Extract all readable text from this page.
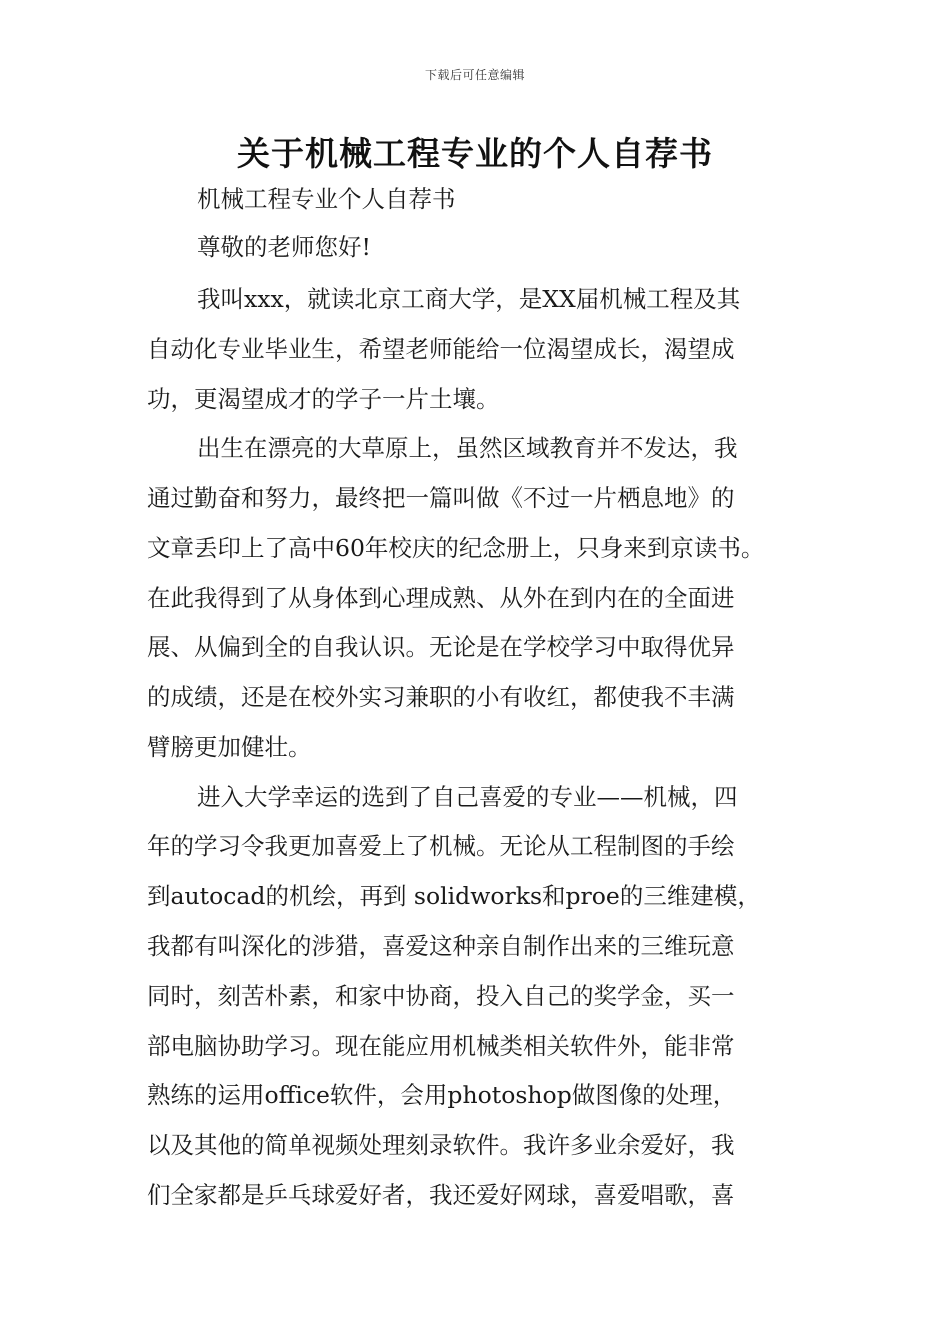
下载后可任意编辑
关于机械工程专业的个人自荐书
机械工程专业个人自荐书
尊敬的老师您好!
我叫xxx，就读北京工商大学，是XX届机械工程及其
自动化专业毕业生，希望老师能给一位渴望成长，渴望成
功，更渴望成才的学子一片土壤。
出生在漂亮的大草原上，虽然区域教育并不发达，我
通过勤奋和努力，最终把一篇叫做《不过一片栖息地》的
文章丢印上了高中60年校庆的纪念册上，只身来到京读书。
在此我得到了从身体到心理成熟、从外在到内在的全面进
展、从偏到全的自我认识。无论是在学校学习中取得优异
的成绩，还是在校外实习兼职的小有收红，都使我不丰满
臂膀更加健壮。
进入大学幸运的选到了自己喜爱的专业——机械，四
年的学习令我更加喜爱上了机械。无论从工程制图的手绘
到autocad的机绘，再到 solidworks和proe的三维建模，
我都有叫深化的涉猎，喜爱这种亲自制作出来的三维玩意
同时，刻苦朴素，和家中协商，投入自己的奖学金，买一
部电脑协助学习。现在能应用机械类相关软件外，能非常
熟练的运用office软件，会用photoshop做图像的处理，
以及其他的简单视频处理刻录软件。我许多业余爱好，我
们全家都是乒乓球爱好者，我还爱好网球，喜爱唱歌，喜
